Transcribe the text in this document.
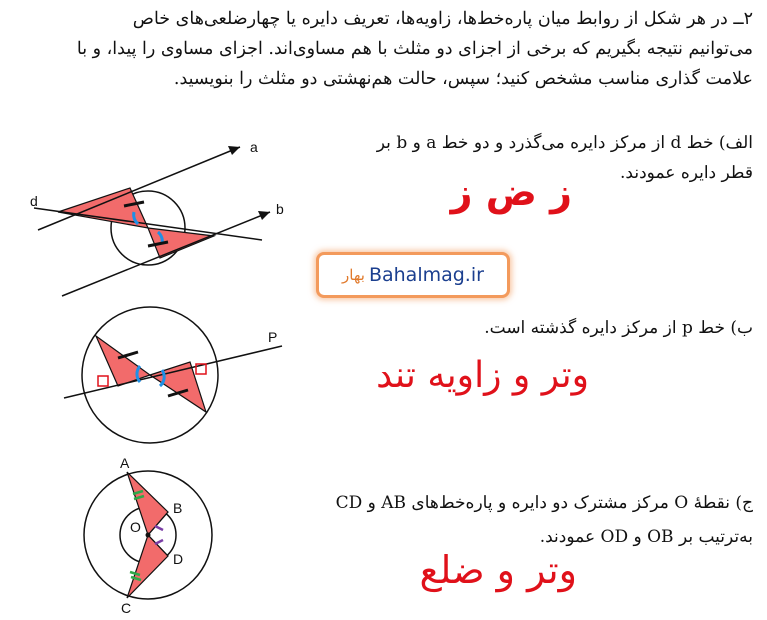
۲ــ در هر شکل از روابط میان پاره‌خط‌ها، زاویه‌ها، تعریف دایره یا چهارضلعی‌های خاص
می‌توانیم نتیجه بگیریم که برخی از اجزای دو مثلث با هم مساوی‌اند. اجزای مساوی را پیدا، و با
علامت گذاری مناسب مشخص کنید؛ سپس، حالت هم‌نهشتی دو مثلث را بنویسید.
الف) خط d از مرکز دایره می‌گذرد و دو خط a و b بر
قطر دایره عمودند.
ز ض ز
بهار Bahalmag.ir
ب) خط p از مرکز دایره گذشته است.
وتر و زاویه تند
ج) نقطهٔ O مرکز مشترک دو دایره و پاره‌خط‌های AB و CD
به‌ترتیب بر OB و OD عمودند.
وتر و ضلع
a
b
d
P
A
B
D
C
O
